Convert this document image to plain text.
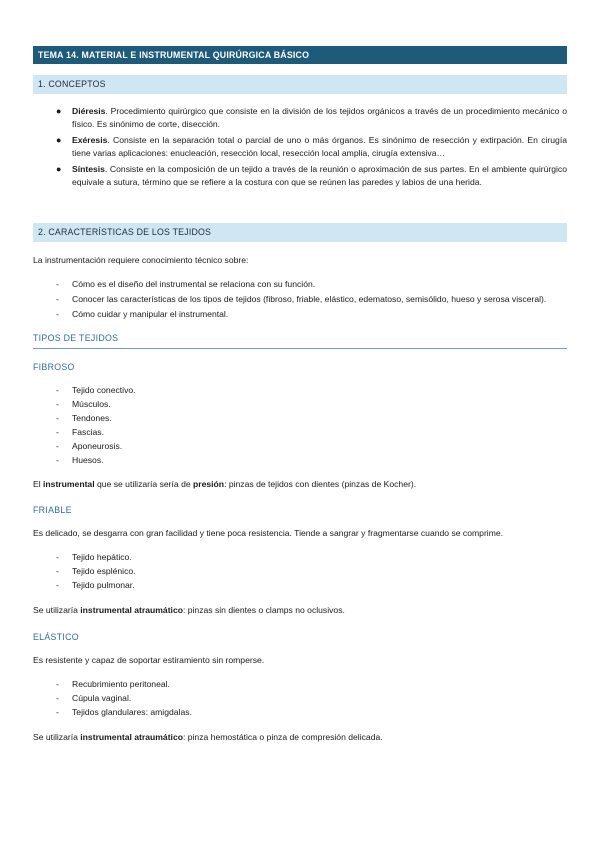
TEMA 14. MATERIAL E INSTRUMENTAL QUIRÚRGICA BÁSICO
1. CONCEPTOS
● Diéresis. Procedimiento quirúrgico que consiste en la división de los tejidos orgánicos a través de un procedimiento mecánico o físico. Es sinónimo de corte, disección.
● Exéresis. Consiste en la separación total o parcial de uno o más órganos. Es sinónimo de resección y extirpación. En cirugía tiene varias aplicaciones: enucleación, resección local, resección local amplia, cirugía extensiva…
● Síntesis. Consiste en la composición de un tejido a través de la reunión o aproximación de sus partes. En el ambiente quirúrgico equivale a sutura, término que se refiere a la costura con que se reúnen las paredes y labios de una herida.
2. CARACTERÍSTICAS DE LOS TEJIDOS

La instrumentación requiere conocimiento técnico sobre:

- Cómo es el diseño del instrumental se relaciona con su función.
- Conocer las características de los tipos de tejidos (fibroso, friable, elástico, edematoso, semisólido, hueso y serosa visceral).
- Cómo cuidar y manipular el instrumental.
TIPOS DE TEJIDOS
FIBROSO
- Tejido conectivo.
- Músculos.
- Tendones.
- Fascias.
- Aponeurosis.
- Huesos.

El instrumental que se utilizaría sería de presión: pinzas de tejidos con dientes (pinzas de Kocher).

FRIABLE

Es delicado, se desgarra con gran facilidad y tiene poca resistencia. Tiende a sangrar y fragmentarse cuando se comprime.

- Tejido hepático.
- Tejido esplénico.
- Tejido pulmonar.

Se utilizaría instrumental atraumático: pinzas sin dientes o clamps no oclusivos.

ELÁSTICO

Es resistente y capaz de soportar estiramiento sin romperse.

- Recubrimiento peritoneal.
- Cúpula vaginal.
- Tejidos glandulares: amigdalas.

Se utilizaría instrumental atraumático: pinza hemostática o pinza de compresión delicada.
